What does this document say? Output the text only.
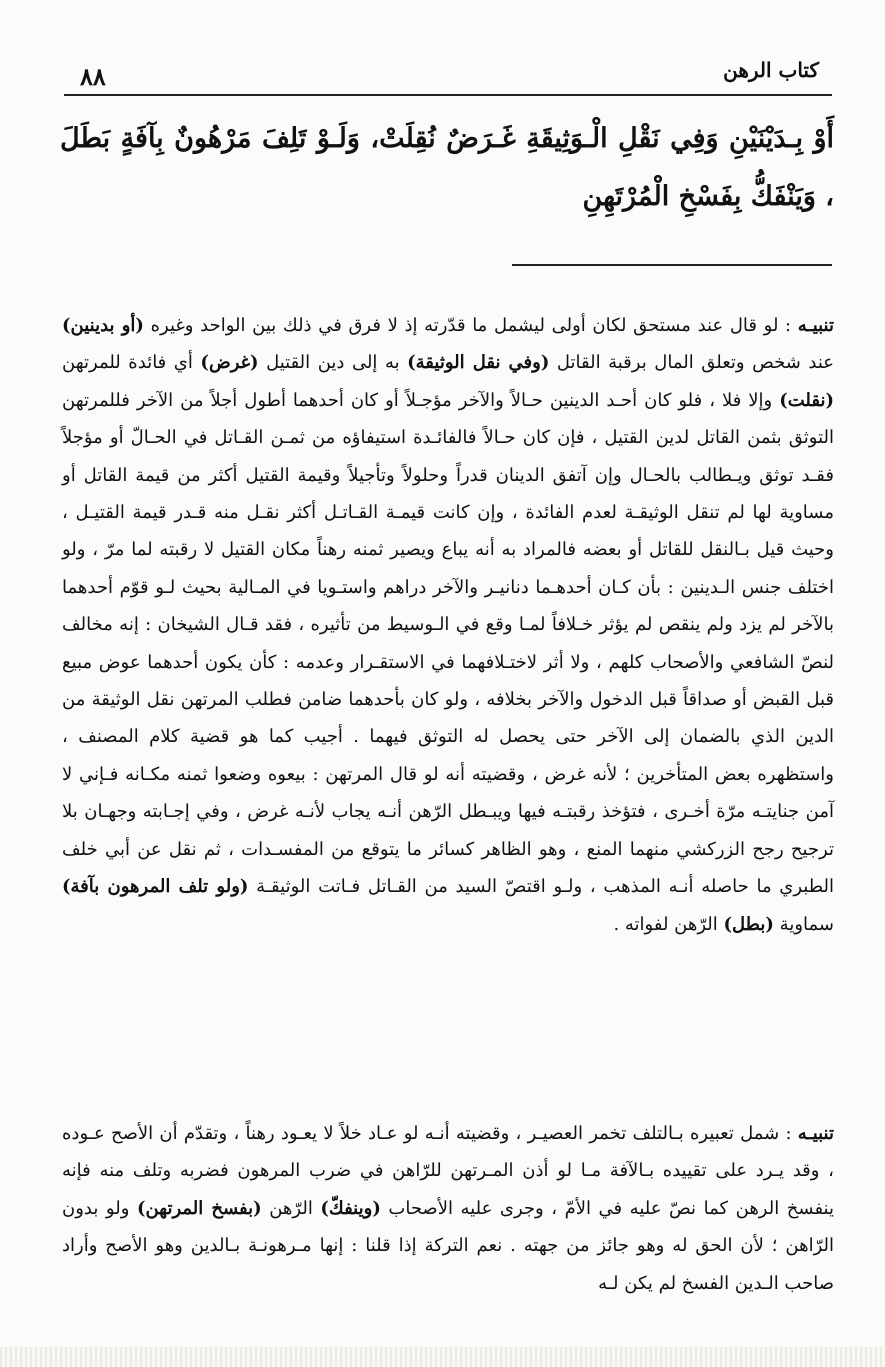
كتاب الرهن
٨٨
أَوْ بِـدَيْنَيْنِ وَفِي نَقْلِ الْـوَثِيقَةِ غَـرَضٌ نُقِلَتْ، وَلَـوْ تَلِفَ مَرْهُونٌ بِآفَةٍ بَطَلَ ، وَيَنْفَكُّ بِفَسْخِ الْمُرْتَهِنِ

تنبيـه : لو قال عند مستحق لكان أولى ليشمل ما قدّرته إذ لا فرق في ذلك بين الواحد وغيره (أو بدينين) عند شخص وتعلق المال برقبة القاتل (وفي نقل الوثيقة) به إلى دين القتيل (غرض) أي فائدة للمرتهن (نقلت) وإلا فلا ، فلو كان أحـد الدينين حـالاً والآخر مؤجـلاً أو كان أحدهما أطول أجلاً من الآخر فللمرتهن التوثق بثمن القاتل لدين القتيل ، فإن كان حـالاً فالفائـدة استيفاؤه من ثمـن القـاتل في الحـالّ أو مؤجلاً فقـد توثق ويـطالب بالحـال وإن آتفق الدينان قدراً وحلولاً وتأجيلاً وقيمة القتيل أكثر من قيمة القاتل أو مساوية لها لم تنقل الوثيقـة لعدم الفائدة ، وإن كانت قيمـة القـاتـل أكثر نقـل منه قـدر قيمة القتيـل ، وحيث قيل بـالنقل للقاتل أو بعضه فالمراد به أنه يباع ويصير ثمنه رهناً مكان القتيل لا رقبته لما مرّ ، ولو اختلف جنس الـدينين : بأن كـان أحدهـما دنانيـر والآخر دراهم واستـويا في المـالية بحيث لـو قوّم أحدهما بالآخر لم يزد ولم ينقص لم يؤثر خـلافاً لمـا وقع في الـوسيط من تأثيره ، فقد قـال الشيخان : إنه مخالف لنصّ الشافعي والأصحاب كلهم ، ولا أثر لاختـلافهما في الاستقـرار وعدمه : كأن يكون أحدهما عوض مبيع قبل القبض أو صداقاً قبل الدخول والآخر بخلافه ، ولو كان بأحدهما ضامن فطلب المرتهن نقل الوثيقة من الدين الذي بالضمان إلى الآخر حتى يحصل له التوثق فيهما . أجيب كما هو قضية كلام المصنف ، واستظهره بعض المتأخرين ؛ لأنه غرض ، وقضيته أنه لو قال المرتهن : بيعوه وضعوا ثمنه مكـانه فـإني لا آمن جنايتـه مرّة أخـرى ، فتؤخذ رقبتـه فيها ويبـطل الرّهن أنـه يجاب لأنـه غرض ، وفي إجـابته وجهـان بلا ترجيح رجح الزركشي منهما المنع ، وهو الظاهر كسائر ما يتوقع من المفسـدات ، ثم نقل عن أبي خلف الطبري ما حاصله أنـه المذهب ، ولـو اقتصّ السيد من القـاتل فـاتت الوثيقـة (ولو تلف المرهون بآفة) سماوية (بطل) الرّهن لفواته .

تنبيـه : شمل تعبيره بـالتلف تخمر العصيـر ، وقضيته أنـه لو عـاد خلاً لا يعـود رهناً ، وتقدّم أن الأصح عـوده ، وقد يـرد على تقييده بـالآفة مـا لو أذن المـرتهن للرّاهن في ضرب المرهون فضربه وتلف منه فإنه ينفسخ الرهن كما نصّ عليه في الأمّ ، وجرى عليه الأصحاب (وينفكّ) الرّهن (بفسخ المرتهن) ولو بدون الرّاهن ؛ لأن الحق له وهو جائز من جهته . نعم التركة إذا قلنا : إنها مـرهونـة بـالدين وهو الأصح وأراد صاحب الـدين الفسخ لم يكن لـه
